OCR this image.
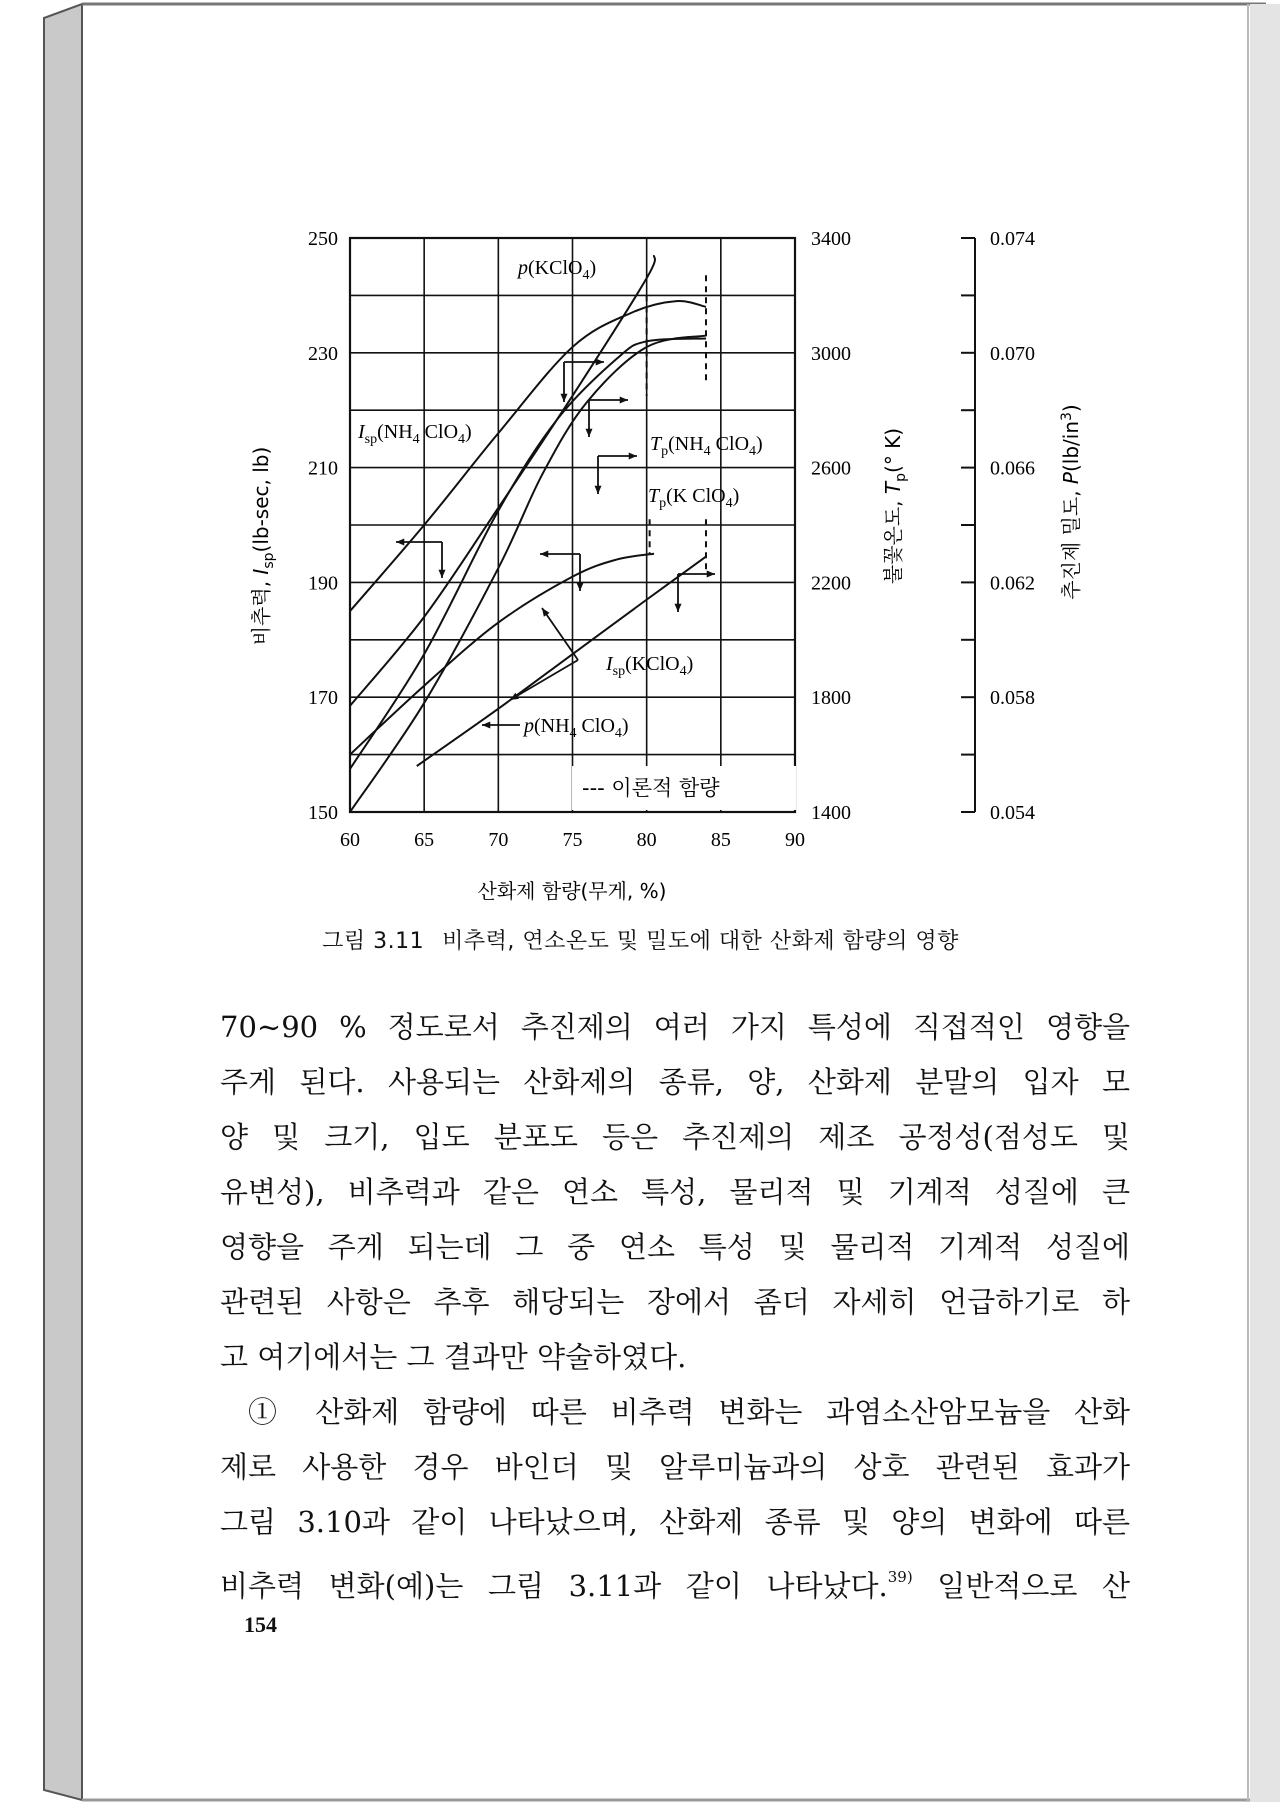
60	65	70	75	80	85	90
250
230
210
190
170
150
3400
3000
2600
2200
1800
1400
0.074
0.070
0.066
0.062
0.058
0.054
비추력, $I_{sp}(lb-\sec$, lb)	불꽃온도, $T_p(^\circ$ K)
추진제 밀도, $P(lb/in^3)$
산화제 함량(무게, %)
p(KClO$_4$)
$I_{sp}(NH_4$ ClO$_4$)
$T_p(NH_4$ ClO$_4$)
$T_p(K$ ClO$_4$)
$I_{sp}(KClO_4)$
$p(NH_4$ ClO$_4$)
--- 이론적 함량
그림 3.11 비추력, 연소온도 및 밀도에 대한 산화제 함량의 영향
70∼90 % 정도로서 추진제의 여러 가지 특성에 직접적인 영향을
주게 된다. 사용되는 산화제의 종류, 양, 산화제 분말의 입자 모
양 및 크기, 입도 분포도 등은 추진제의 제조 공정성(점성도 및
유변성), 비추력과 같은 연소 특성, 물리적 및 기계적 성질에 큰
영향을 주게 되는데 그 중 연소 특성 및 물리적 기계적 성질에
관련된 사항은 추후 해당되는 장에서 좀더 자세히 언급하기로 하
고 여기에서는 그 결과만 약술하였다.
① 산화제 함량에 따른 비추력 변화는 과염소산암모늄을 산화
제로 사용한 경우 바인더 및 알루미늄과의 상호 관련된 효과가
그림 3.10과 같이 나타났으며, 산화제 종류 및 양의 변화에 따른
비추력 변화(예)는 그림 3.11과 같이 나타났다.$^{39)}$ 일반적으로 산
154
